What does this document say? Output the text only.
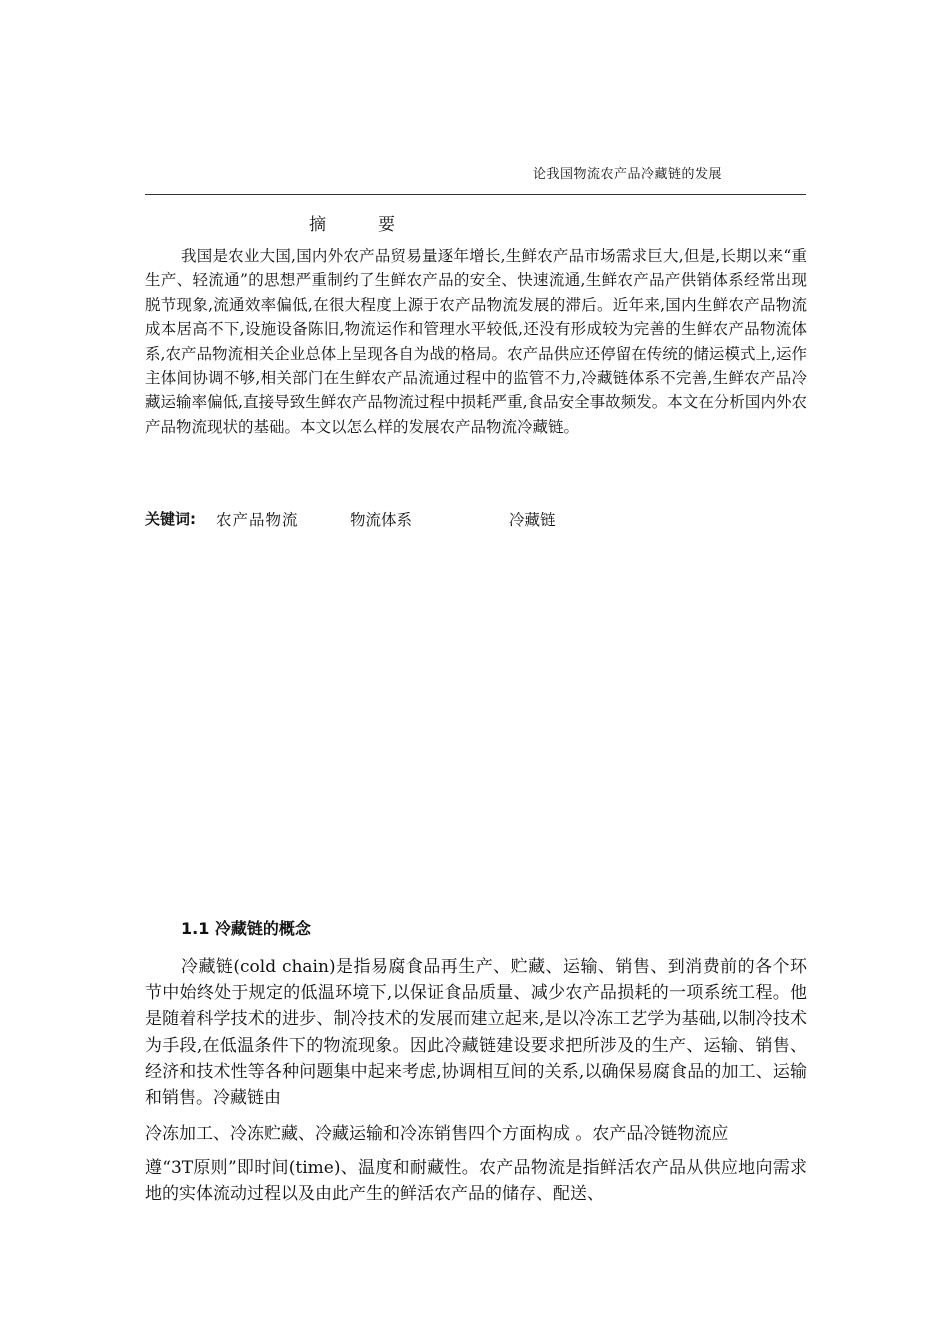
论我国物流农产品冷藏链的发展
摘要

我国是农业大国,国内外农产品贸易量逐年增长,生鲜农产品市场需求巨大,但是,长期以来“重生产、轻流通”的思想严重制约了生鲜农产品的安全、快速流通,生鲜农产品产供销体系经常出现脱节现象,流通效率偏低,在很大程度上源于农产品物流发展的滞后。近年来,国内生鲜农产品物流成本居高不下,设施设备陈旧,物流运作和管理水平较低,还没有形成较为完善的生鲜农产品物流体系,农产品物流相关企业总体上呈现各自为战的格局。农产品供应还停留在传统的储运模式上,运作主体间协调不够,相关部门在生鲜农产品流通过程中的监管不力,冷藏链体系不完善,生鲜农产品冷藏运输率偏低,直接导致生鲜农产品物流过程中损耗严重,食品安全事故频发。本文在分析国内外农产品物流现状的基础。本文以怎么样的发展农产品物流冷藏链。

关键词: 农产品物流	物流体系	冷藏链
1.1 冷藏链的概念

冷藏链(cold chain)是指易腐食品再生产、贮藏、运输、销售、到消费前的各个环节中始终处于规定的低温环境下,以保证食品质量、减少农产品损耗的一项系统工程。他是随着科学技术的进步、制冷技术的发展而建立起来,是以冷冻工艺学为基础,以制冷技术为手段,在低温条件下的物流现象。因此冷藏链建设要求把所涉及的生产、运输、销售、经济和技术性等各种问题集中起来考虑,协调相互间的关系,以确保易腐食品的加工、运输和销售。冷藏链由

冷冻加工、冷冻贮藏、冷藏运输和冷冻销售四个方面构成 。农产品冷链物流应

遵“3T原则”即时间(time)、温度和耐藏性。农产品物流是指鲜活农产品从供应地向需求地的实体流动过程以及由此产生的鲜活农产品的储存、配送、
